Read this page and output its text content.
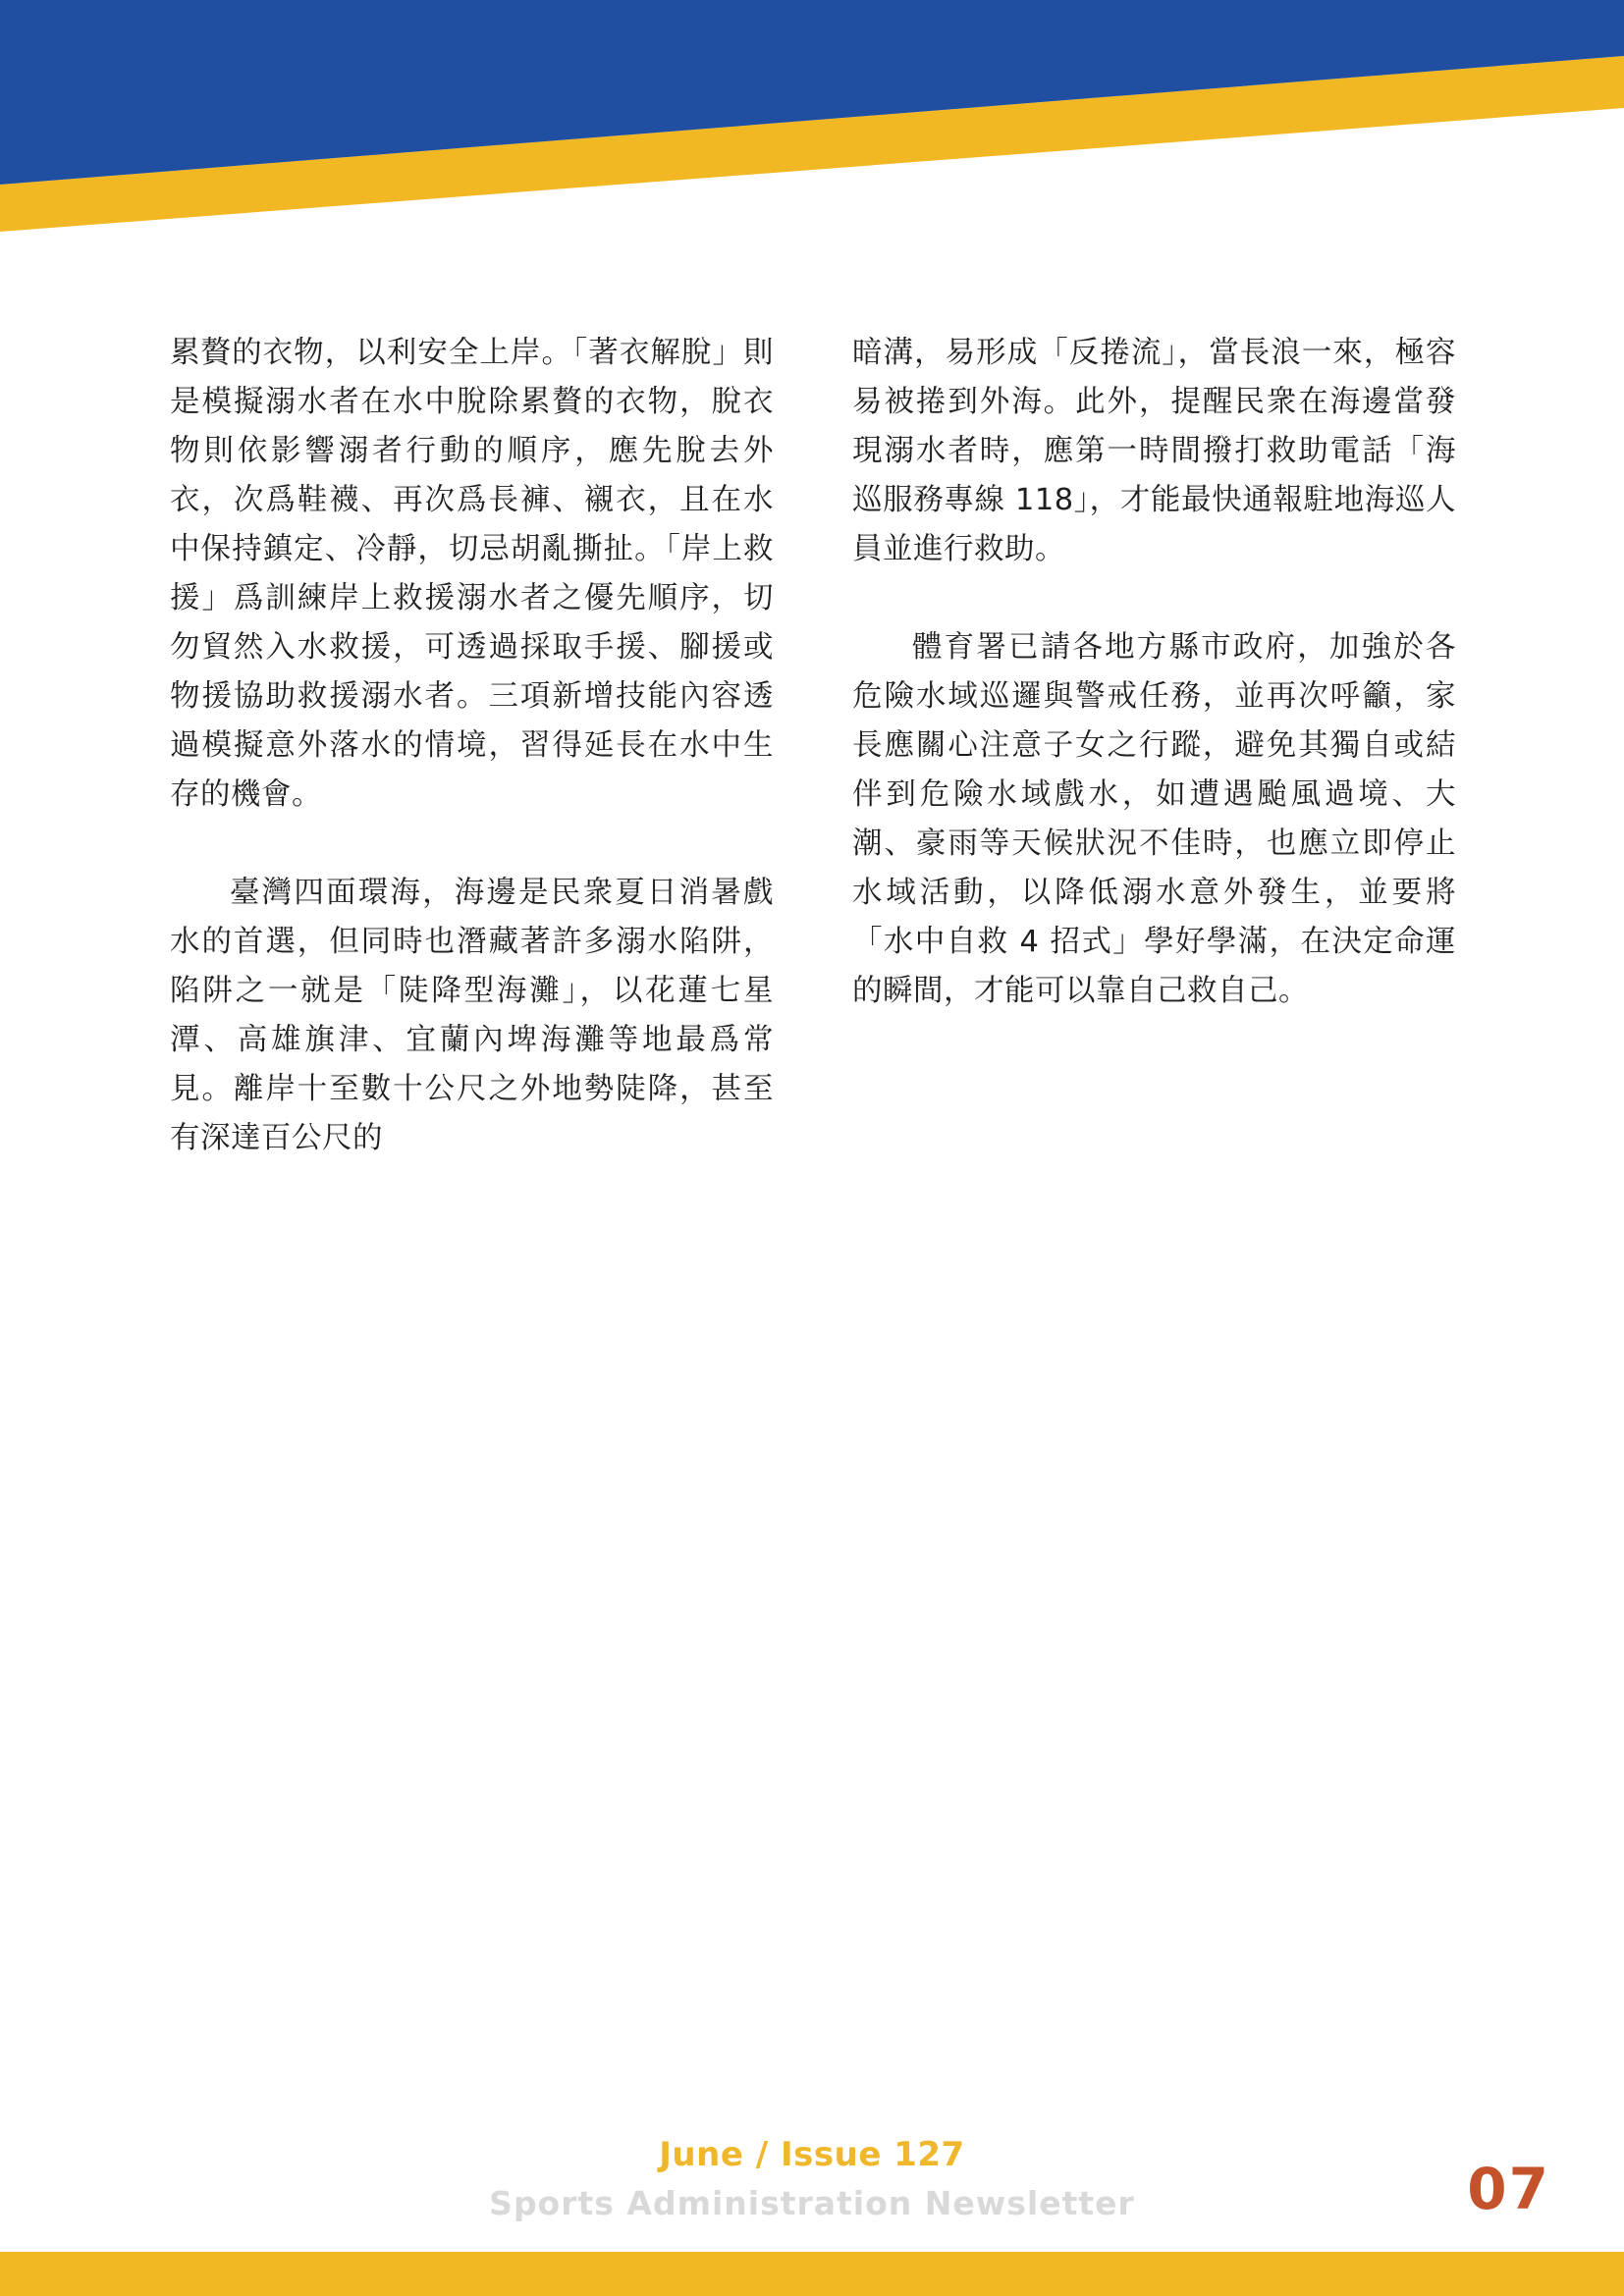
累贅的衣物，以利安全上岸。「著衣解脫」則是模擬溺水者在水中脫除累贅的衣物，脫衣物則依影響溺者行動的順序，應先脫去外衣，次爲鞋襪、再次爲長褲、襯衣，且在水中保持鎮定、冷靜，切忌胡亂撕扯。「岸上救援」爲訓練岸上救援溺水者之優先順序，切勿貿然入水救援，可透過採取手援、腳援或物援協助救援溺水者。三項新增技能內容透過模擬意外落水的情境，習得延長在水中生存的機會。

臺灣四面環海，海邊是民衆夏日消暑戲水的首選，但同時也潛藏著許多溺水陷阱，陷阱之一就是「陡降型海灘」，以花蓮七星潭、高雄旗津、宜蘭內埤海灘等地最爲常見。離岸十至數十公尺之外地勢陡降，甚至有深達百公尺的

暗溝，易形成「反捲流」，當長浪一來，極容易被捲到外海。此外，提醒民衆在海邊當發現溺水者時，應第一時間撥打救助電話「海巡服務專線 118」，才能最快通報駐地海巡人員並進行救助。

體育署已請各地方縣市政府，加強於各危險水域巡邏與警戒任務，並再次呼籲，家長應關心注意子女之行蹤，避免其獨自或結伴到危險水域戲水，如遭遇颱風過境、大潮、豪雨等天候狀況不佳時，也應立即停止水域活動，以降低溺水意外發生，並要將「水中自救 4 招式」學好學滿，在決定命運的瞬間，才能可以靠自己救自己。

June / Issue 127
Sports Administration Newsletter	07
